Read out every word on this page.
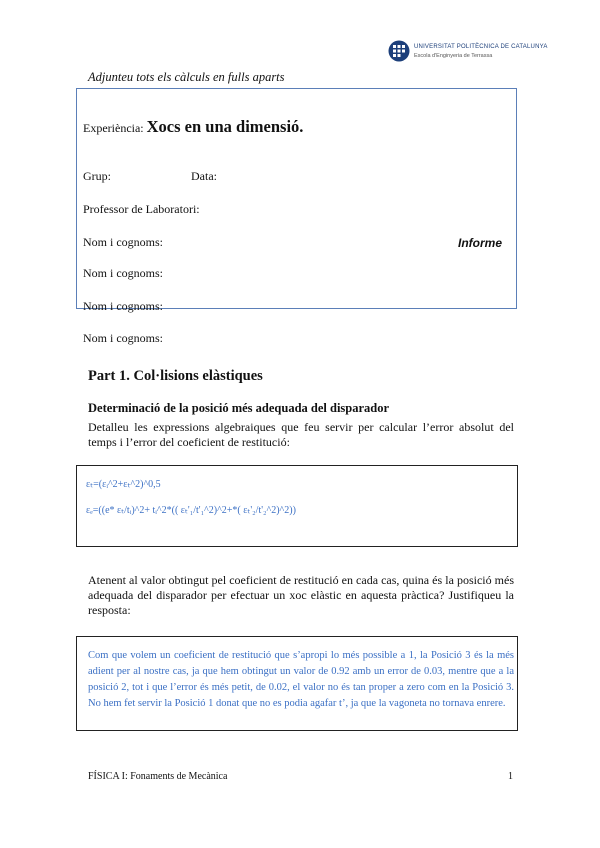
UNIVERSITAT POLITÈCNICA DE CATALUNYA
Escola d'Enginyeria de Terrassa
Adjunteu tots els càlculs en fulls aparts
Experiència: Xocs en una dimensió.
Grup:	Data:
Professor de Laboratori:
Nom i cognoms:
Nom i cognoms:
Nom i cognoms:
Nom i cognoms:
Informe
Part 1. Col·lisions elàstiques
Determinació de la posició més adequada del disparador
Detalleu les expressions algebraiques que feu servir per calcular l’error absolut del temps i l’error del coeficient de restitució:
εₜ=(εᵢ^2+εₜ^2)^0,5
εₑ=((e* εₜ/tᵢ)^2+ tᵢ^2*(( εₜ'₁/t'₁^2)^2+*( εₜ'₂/t'₂^2)^2))
Atenent al valor obtingut pel coeficient de restitució en cada cas, quina és la posició més adequada del disparador per efectuar un xoc elàstic en aquesta pràctica? Justifiqueu la resposta:
Com que volem un coeficient de restitució que s’apropi lo més possible a 1, la Posició 3 és la més adient per al nostre cas, ja que hem obtingut un valor de 0.92 amb un error de 0.03, mentre que a la posició 2, tot i que l’error és més petit, de 0.02, el valor no és tan proper a zero com en la Posició 3. No hem fet servir la Posició 1 donat que no es podia agafar t’, ja que la vagoneta no tornava enrere.
FÍSICA I: Fonaments de Mecànica	1
